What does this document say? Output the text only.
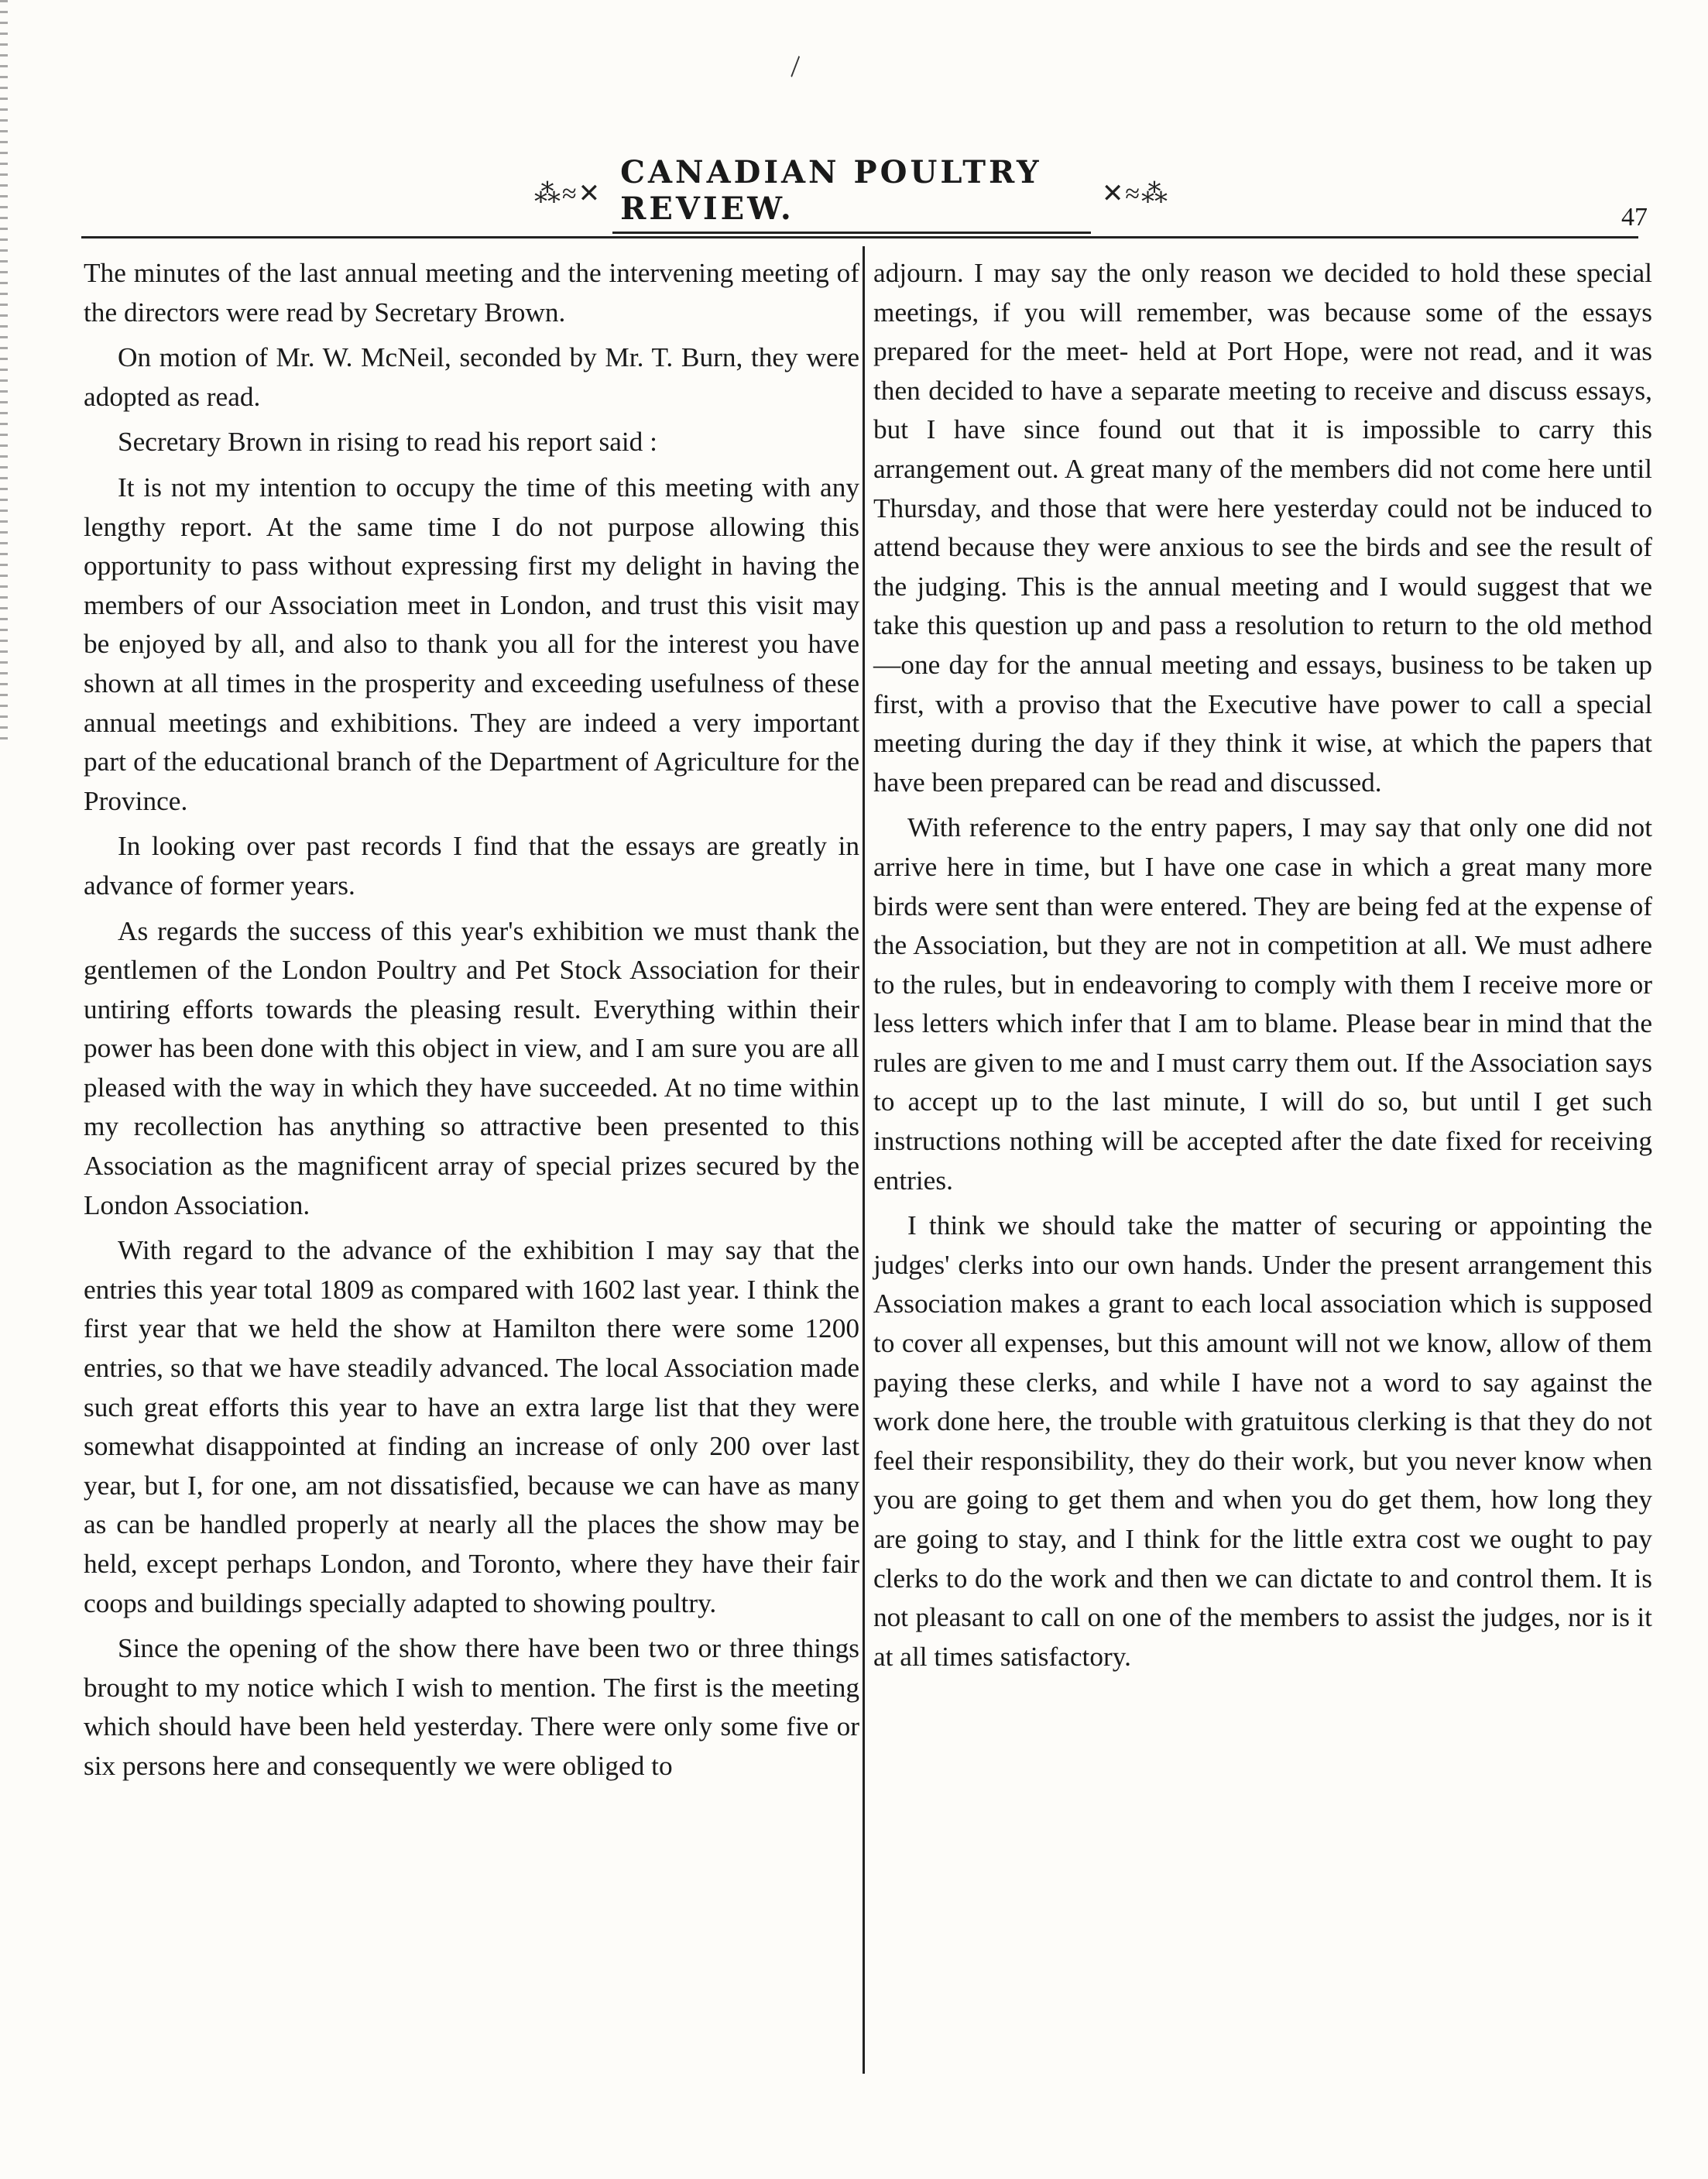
\
⁂≈✕
CANADIAN POULTRY REVIEW.	✕≈⁂
47

The minutes of the last annual meeting and the intervening meeting of the directors were read by Secretary Brown.

On motion of Mr. W. McNeil, seconded by Mr. T. Burn, they were adopted as read.

Secretary Brown in rising to read his report said :

It is not my intention to occupy the time of this meeting with any lengthy report. At the same time I do not purpose allowing this opportunity to pass without expressing first my delight in having the members of our Association meet in London, and trust this visit may be enjoyed by all, and also to thank you all for the interest you have shown at all times in the prosperity and exceeding usefulness of these annual meetings and exhibitions. They are indeed a very important part of the educational branch of the Department of Agriculture for the Province.

In looking over past records I find that the essays are greatly in advance of former years.

As regards the success of this year's exhibition we must thank the gentlemen of the London Poultry and Pet Stock Association for their untiring efforts towards the pleasing result. Everything within their power has been done with this object in view, and I am sure you are all pleased with the way in which they have succeeded. At no time within my recollection has anything so attractive been presented to this Association as the magnificent array of special prizes secured by the London Association.

With regard to the advance of the exhibition I may say that the entries this year total 1809 as compared with 1602 last year. I think the first year that we held the show at Hamilton there were some 1200 entries, so that we have steadily advanced. The local Association made such great efforts this year to have an extra large list that they were somewhat disappointed at finding an increase of only 200 over last year, but I, for one, am not dissatisfied, because we can have as many as can be handled properly at nearly all the places the show may be held, except perhaps London, and Toronto, where they have their fair coops and buildings specially adapted to showing poultry.

Since the opening of the show there have been two or three things brought to my notice which I wish to mention. The first is the meeting which should have been held yesterday. There were only some five or six persons here and consequently we were obliged to

adjourn. I may say the only reason we decided to hold these special meetings, if you will remember, was because some of the essays prepared for the meet- held at Port Hope, were not read, and it was then decided to have a separate meeting to receive and discuss essays, but I have since found out that it is impossible to carry this arrangement out. A great many of the members did not come here until Thursday, and those that were here yesterday could not be induced to attend because they were anxious to see the birds and see the result of the judging. This is the annual meeting and I would suggest that we take this question up and pass a resolution to return to the old method—one day for the annual meeting and essays, business to be taken up first, with a proviso that the Executive have power to call a special meeting during the day if they think it wise, at which the papers that have been prepared can be read and discussed.

With reference to the entry papers, I may say that only one did not arrive here in time, but I have one case in which a great many more birds were sent than were entered. They are being fed at the expense of the Association, but they are not in competition at all. We must adhere to the rules, but in endeavoring to comply with them I receive more or less letters which infer that I am to blame. Please bear in mind that the rules are given to me and I must carry them out. If the Association says to accept up to the last minute, I will do so, but until I get such instructions nothing will be accepted after the date fixed for receiving entries.

I think we should take the matter of securing or appointing the judges' clerks into our own hands. Under the present arrangement this Association makes a grant to each local association which is supposed to cover all expenses, but this amount will not we know, allow of them paying these clerks, and while I have not a word to say against the work done here, the trouble with gratuitous clerking is that they do not feel their responsibility, they do their work, but you never know when you are going to get them and when you do get them, how long they are going to stay, and I think for the little extra cost we ought to pay clerks to do the work and then we can dictate to and control them. It is not pleasant to call on one of the members to assist the judges, nor is it at all times satisfactory.
